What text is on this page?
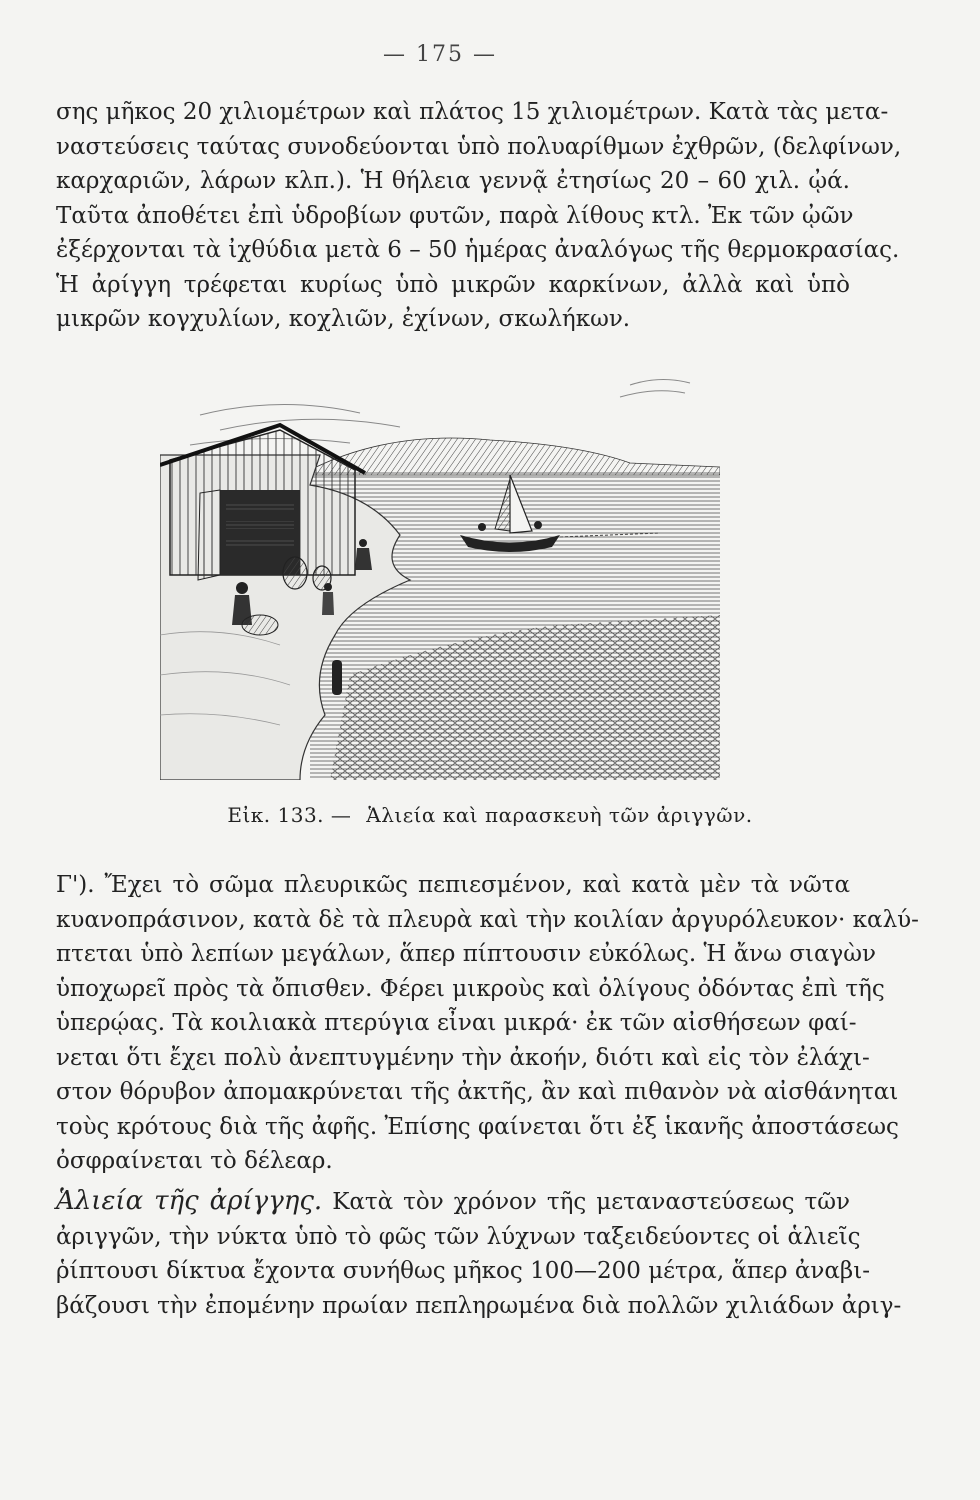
— 175 —
σης μῆκος 20 χιλιομέτρων καὶ πλάτος 15 χιλιομέτρων. Κατὰ τὰς μετα-
ναστεύσεις ταύτας συνοδεύονται ὑπὸ πολυαρίθμων ἐχθρῶν, (δελφίνων,
καρχαριῶν, λάρων κλπ.). Ἡ θήλεια γεννᾷ ἐτησίως 20 – 60 χιλ. ᾠά.
Ταῦτα ἀποθέτει ἐπὶ ὑδροβίων φυτῶν, παρὰ λίθους κτλ. Ἐκ τῶν ᾠῶν
ἐξέρχονται τὰ ἰχθύδια μετὰ 6 – 50 ἡμέρας ἀναλόγως τῆς θερμοκρασίας.
Ἡ ἀρίγγη τρέφεται κυρίως ὑπὸ μικρῶν καρκίνων, ἀλλὰ καὶ ὑπὸ
μικρῶν κογχυλίων, κοχλιῶν, ἐχίνων, σκωλήκων.
Εἰκ. 133. — Ἁλιεία καὶ παρασκευὴ τῶν ἀριγγῶν.
Γ'). Ἔχει τὸ σῶμα πλευρικῶς πεπιεσμένον, καὶ κατὰ μὲν τὰ νῶτα
κυανοπράσινον, κατὰ δὲ τὰ πλευρὰ καὶ τὴν κοιλίαν ἀργυρόλευκον· καλύ-
πτεται ὑπὸ λεπίων μεγάλων, ἅπερ πίπτουσιν εὐκόλως. Ἡ ἄνω σιαγὼν
ὑποχωρεῖ πρὸς τὰ ὄπισθεν. Φέρει μικροὺς καὶ ὀλίγους ὀδόντας ἐπὶ τῆς
ὑπερῴας. Τὰ κοιλιακὰ πτερύγια εἶναι μικρά· ἐκ τῶν αἰσθήσεων φαί-
νεται ὅτι ἔχει πολὺ ἀνεπτυγμένην τὴν ἀκοήν, διότι καὶ εἰς τὸν ἐλάχι-
στον θόρυβον ἀπομακρύνεται τῆς ἀκτῆς, ἂν καὶ πιθανὸν νὰ αἰσθάνηται
τοὺς κρότους διὰ τῆς ἀφῆς. Ἐπίσης φαίνεται ὅτι ἐξ ἱκανῆς ἀποστάσεως
ὀσφραίνεται τὸ δέλεαρ.
Ἁλιεία τῆς ἀρίγγης. Κατὰ τὸν χρόνον τῆς μεταναστεύσεως τῶν
ἀριγγῶν, τὴν νύκτα ὑπὸ τὸ φῶς τῶν λύχνων ταξειδεύοντες οἱ ἁλιεῖς
ῥίπτουσι δίκτυα ἔχοντα συνήθως μῆκος 100—200 μέτρα, ἅπερ ἀναβι-
βάζουσι τὴν ἐπομένην πρωίαν πεπληρωμένα διὰ πολλῶν χιλιάδων ἀριγ-
